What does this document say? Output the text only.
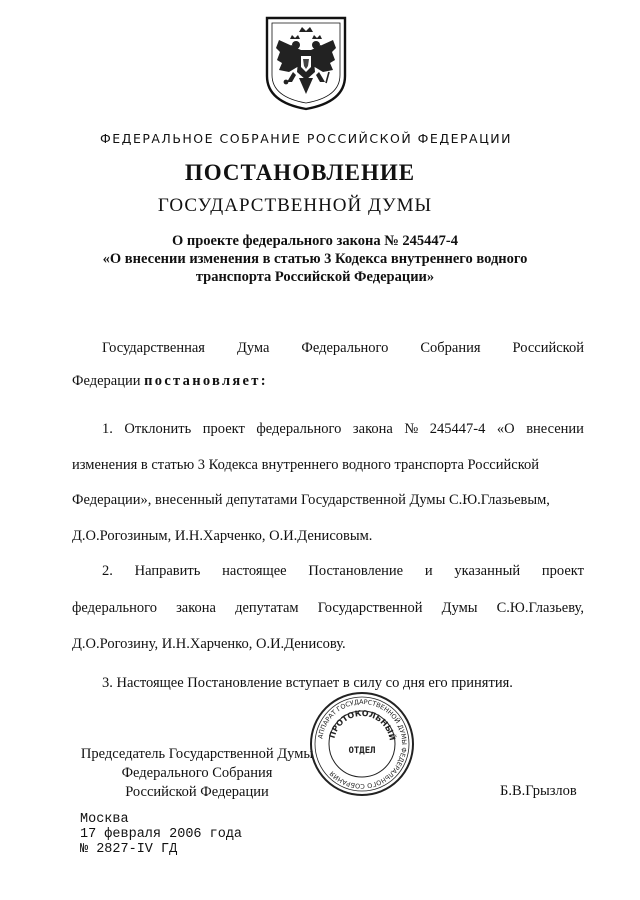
ФЕДЕРАЛЬНОЕ СОБРАНИЕ РОССИЙСКОЙ ФЕДЕРАЦИИ
ПОСТАНОВЛЕНИЕ
ГОСУДАРСТВЕННОЙ ДУМЫ
О проекте федерального закона № 245447-4
«О внесении изменения в статью 3 Кодекса внутреннего водного
транспорта Российской Федерации»
Государственная Дума Федерального Собрания Российской
Федерации постановляет:
1. Отклонить проект федерального закона № 245447-4 «О внесении
изменения в статью 3 Кодекса внутреннего водного транспорта Российской
Федерации», внесенный депутатами Государственной Думы С.Ю.Глазьевым,
Д.О.Рогозиным, И.Н.Харченко, О.И.Денисовым.
2. Направить настоящее Постановление и указанный проект
федерального закона депутатам Государственной Думы С.Ю.Глазьеву,
Д.О.Рогозину, И.Н.Харченко, О.И.Денисову.
3. Настоящее Постановление вступает в силу со дня его принятия.
Председатель Государственной Думы
Федерального Собрания
Российской Федерации	Б.В.Грызлов
АППАРАТ ГОСУДАРСТВЕННОЙ ДУМЫ ФЕДЕРАЛЬНОГО СОБРАНИЯ
ПРОТОКОЛЬНЫЙ
ОТДЕЛ
Москва
17 февраля 2006 года
№ 2827-IV ГД
